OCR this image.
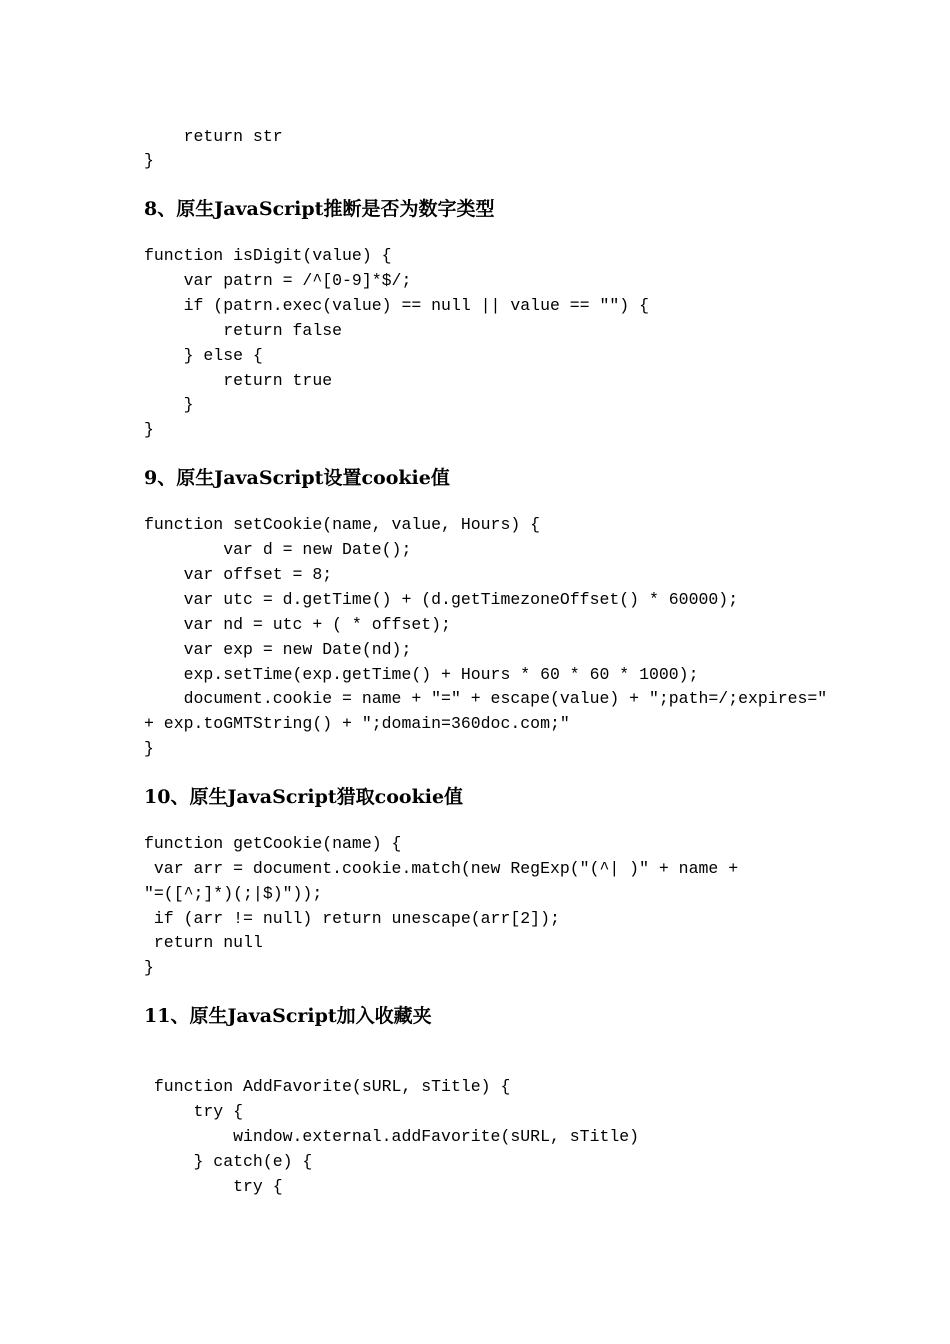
return str
}
8、原生JavaScript推断是否为数字类型
function isDigit(value) {
var patrn = /^[0-9]*$/;
if (patrn.exec(value) == null || value == "") {
return false
} else {
return true
}
}
9、原生JavaScript设置cookie值
function setCookie(name, value, Hours) {
var d = new Date();
var offset = 8;
var utc = d.getTime() + (d.getTimezoneOffset() * 60000);
var nd = utc + ( * offset);
var exp = new Date(nd);
exp.setTime(exp.getTime() + Hours * 60 * 60 * 1000);
document.cookie = name + "=" + escape(value) + ";path=/;expires="
+ exp.toGMTString() + ";domain=360doc.com;"
}
10、原生JavaScript猎取cookie值
function getCookie(name) {
var arr = document.cookie.match(new RegExp("(^| )" + name +
"=([^;]*)(;|$)"));
if (arr != null) return unescape(arr[2]);
return null
}
11、原生JavaScript加入收藏夹
function AddFavorite(sURL, sTitle) {
try {
window.external.addFavorite(sURL, sTitle)
} catch(e) {
try {
